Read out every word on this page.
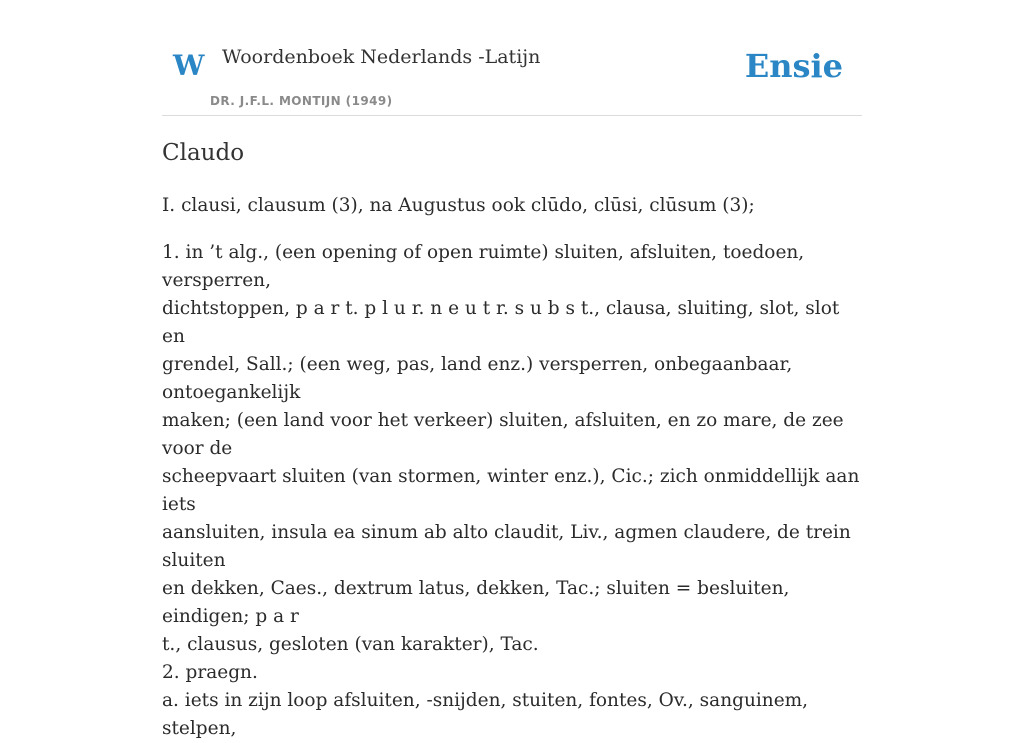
W Woordenboek Nederlands -Latijn
DR. J.F.L. MONTIJN (1949)
Ensie
Claudo

I. clausi, clausum (3), na Augustus ook clūdo, clūsi, clūsum (3);

1. in ’t alg., (een opening of open ruimte) sluiten, afsluiten, toedoen, versperren,

dichtstoppen, p a r t. p l u r. n e u t r. s u b s t., clausa, sluiting, slot, slot en

grendel, Sall.; (een weg, pas, land enz.) versperren, onbegaanbaar, ontoegankelijk

maken; (een land voor het verkeer) sluiten, afsluiten, en zo mare, de zee voor de

scheepvaart sluiten (van stormen, winter enz.), Cic.; zich onmiddellijk aan iets

aansluiten, insula ea sinum ab alto claudit, Liv., agmen claudere, de trein sluiten

en dekken, Caes., dextrum latus, dekken, Tac.; sluiten = besluiten, eindigen; p a r

t., clausus, gesloten (van karakter), Tac.

2. praegn.

a. iets in zijn loop afsluiten, -snijden, stuiten, fontes, Ov., sanguinem, stelpen,
